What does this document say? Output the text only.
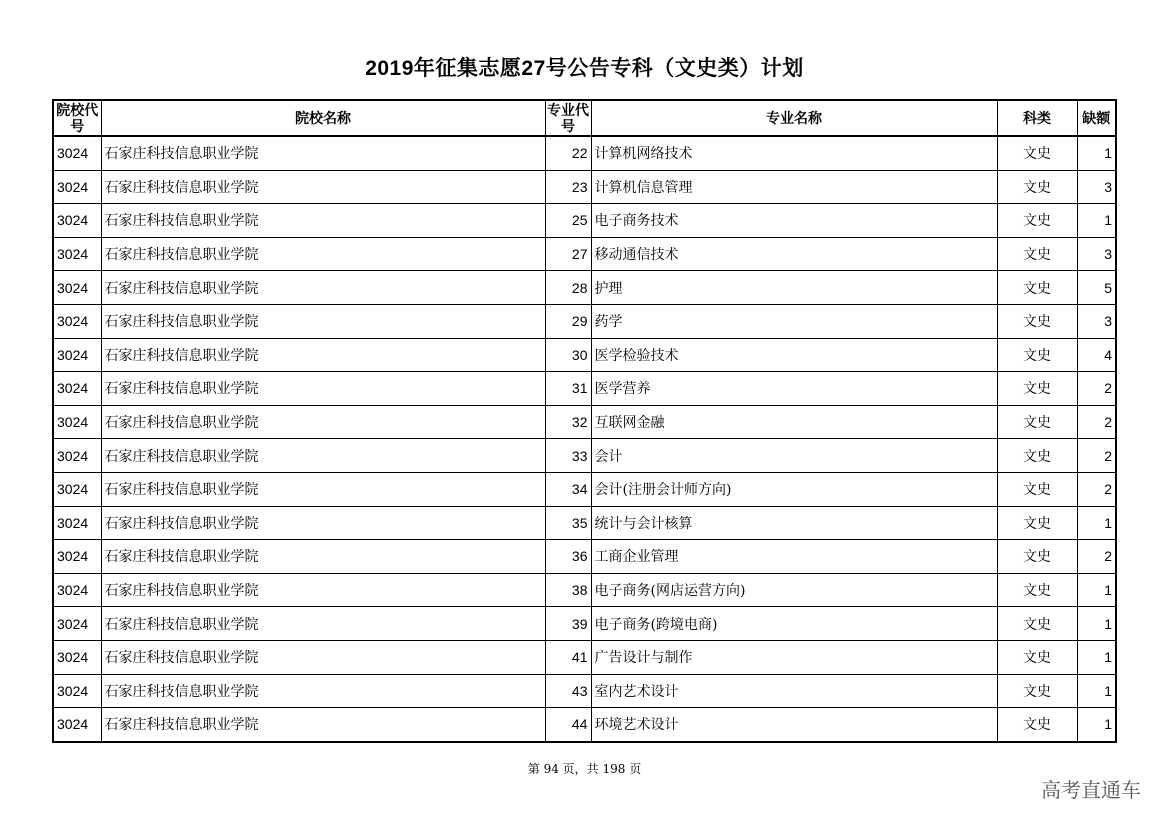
2019年征集志愿27号公告专科（文史类）计划
院校代号	院校名称	专业代号	专业名称	科类	缺额
3024	石家庄科技信息职业学院	22	计算机网络技术	文史	1
3024	石家庄科技信息职业学院	23	计算机信息管理	文史	3
3024	石家庄科技信息职业学院	25	电子商务技术	文史	1
3024	石家庄科技信息职业学院	27	移动通信技术	文史	3
3024	石家庄科技信息职业学院	28	护理	文史	5
3024	石家庄科技信息职业学院	29	药学	文史	3
3024	石家庄科技信息职业学院	30	医学检验技术	文史	4
3024	石家庄科技信息职业学院	31	医学营养	文史	2
3024	石家庄科技信息职业学院	32	互联网金融	文史	2
3024	石家庄科技信息职业学院	33	会计	文史	2
3024	石家庄科技信息职业学院	34	会计(注册会计师方向)	文史	2
3024	石家庄科技信息职业学院	35	统计与会计核算	文史	1
3024	石家庄科技信息职业学院	36	工商企业管理	文史	2
3024	石家庄科技信息职业学院	38	电子商务(网店运营方向)	文史	1
3024	石家庄科技信息职业学院	39	电子商务(跨境电商)	文史	1
3024	石家庄科技信息职业学院	41	广告设计与制作	文史	1
3024	石家庄科技信息职业学院	43	室内艺术设计	文史	1
3024	石家庄科技信息职业学院	44	环境艺术设计	文史	1
第 94 页，共 198 页
高考直通车
